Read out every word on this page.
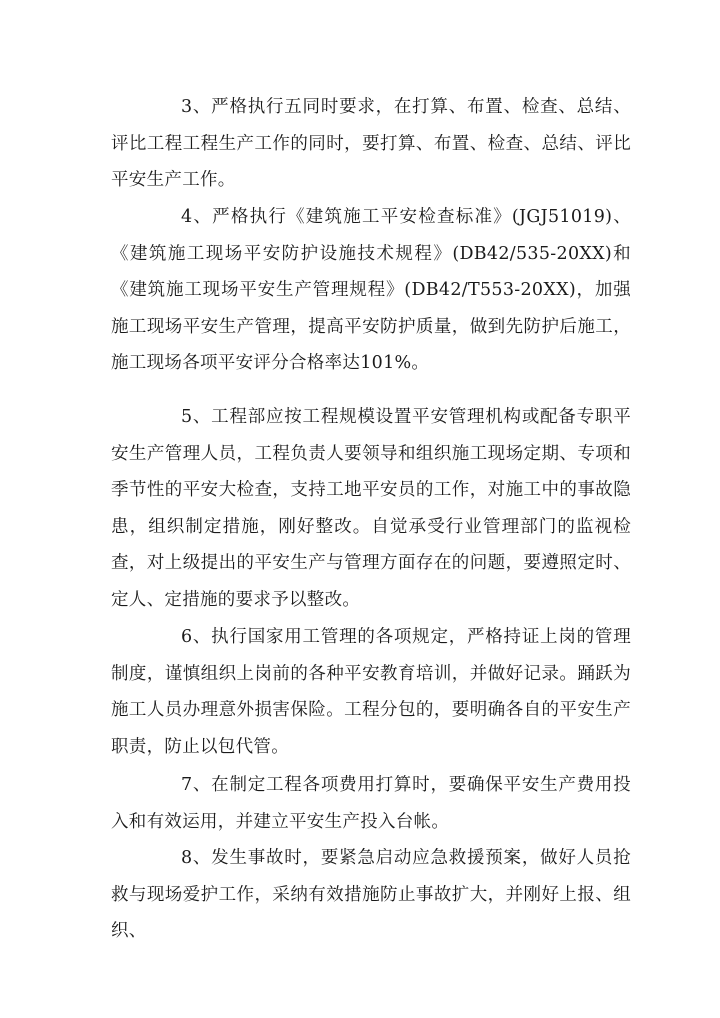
3、严格执行五同时要求，在打算、布置、检查、总结、评比工程工程生产工作的同时，要打算、布置、检查、总结、评比平安生产工作。

4、严格执行《建筑施工平安检查标准》(JGJ51019)、《建筑施工现场平安防护设施技术规程》(DB42/535-20XX)和《建筑施工现场平安生产管理规程》(DB42/T553-20XX)，加强施工现场平安生产管理，提高平安防护质量，做到先防护后施工，施工现场各项平安评分合格率达101%。

5、工程部应按工程规模设置平安管理机构或配备专职平安生产管理人员，工程负责人要领导和组织施工现场定期、专项和季节性的平安大检查，支持工地平安员的工作，对施工中的事故隐患，组织制定措施，刚好整改。自觉承受行业管理部门的监视检查，对上级提出的平安生产与管理方面存在的问题，要遵照定时、定人、定措施的要求予以整改。

6、执行国家用工管理的各项规定，严格持证上岗的管理制度，谨慎组织上岗前的各种平安教育培训，并做好记录。踊跃为施工人员办理意外损害保险。工程分包的，要明确各自的平安生产职责，防止以包代管。

7、在制定工程各项费用打算时，要确保平安生产费用投入和有效运用，并建立平安生产投入台帐。

8、发生事故时，要紧急启动应急救援预案，做好人员抢救与现场爱护工作，采纳有效措施防止事故扩大，并刚好上报、组织、
